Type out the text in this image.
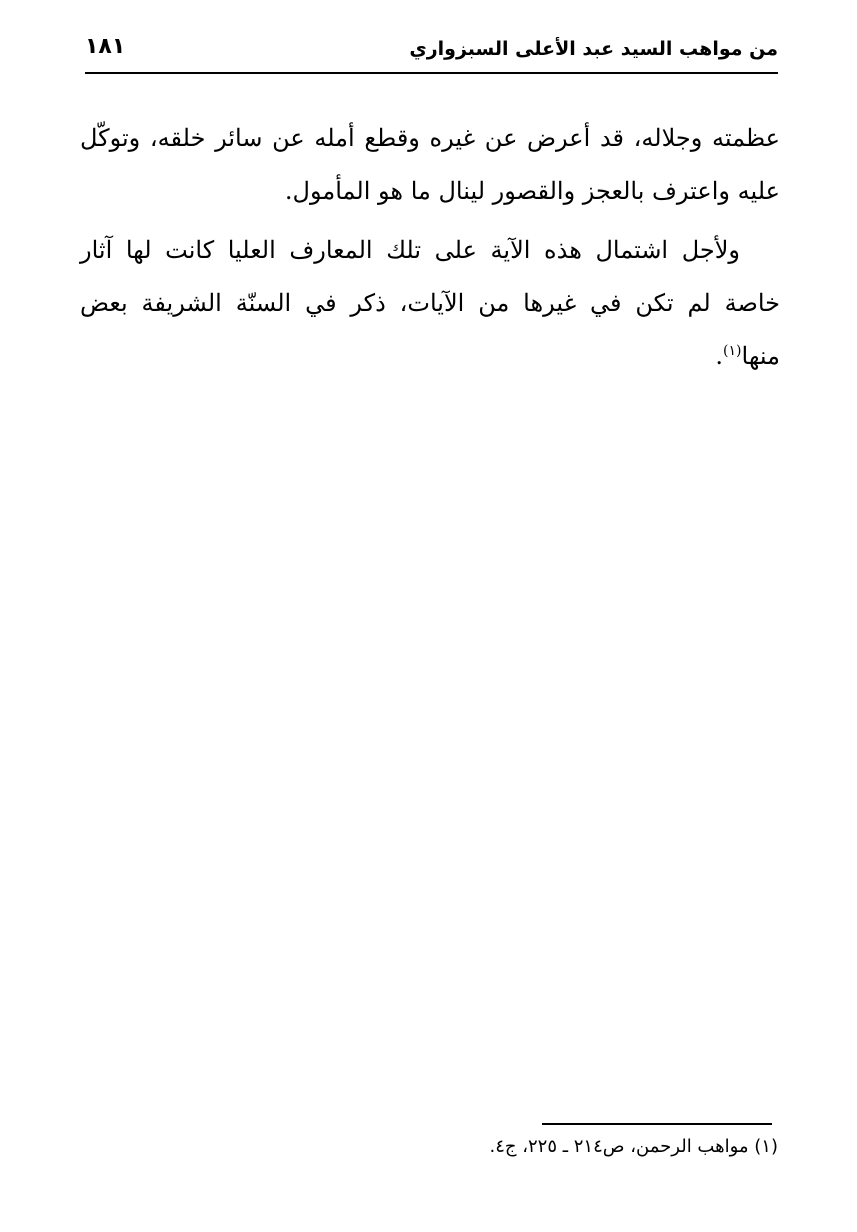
من مواهب السيد عبد الأعلى السبزواري
١٨١

عظمته وجلاله، قد أعرض عن غيره وقطع أمله عن سائر خلقه، وتوكّل عليه واعترف بالعجز والقصور لينال ما هو المأمول.

ولأجل اشتمال هذه الآية على تلك المعارف العليا كانت لها آثار خاصة لم تكن في غيرها من الآيات، ذكر في السنّة الشريفة بعض منها$^{(١)}$.

(١) مواهب الرحمن، ص٢١٤ ـ ٢٢٥، ج٤.
